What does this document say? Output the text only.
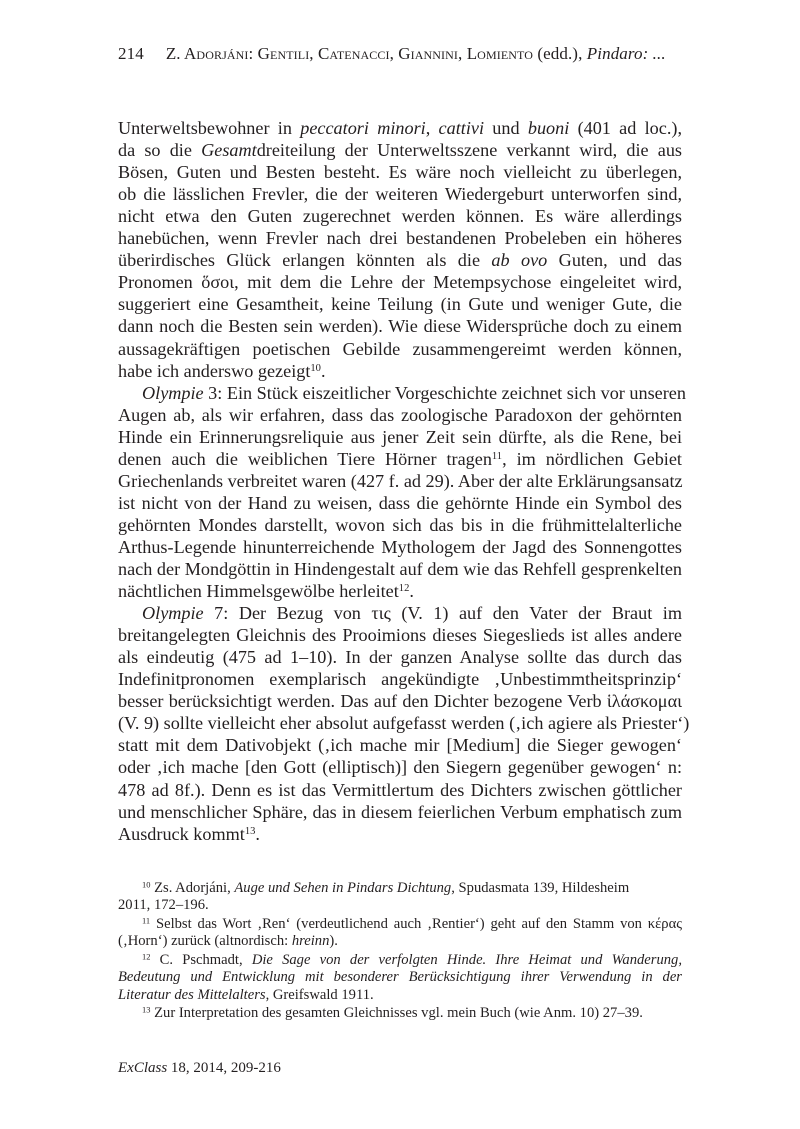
214 Z. Adorjáni: Gentili, Catenacci, Giannini, Lomiento (edd.), Pindaro: ...
Unterweltsbewohner in peccatori minori, cattivi und buoni (401 ad loc.),
da so die Gesamtdreiteilung der Unterweltsszene verkannt wird, die aus
Bösen, Guten und Besten besteht. Es wäre noch vielleicht zu überlegen,
ob die lässlichen Frevler, die der weiteren Wiedergeburt unterworfen sind,
nicht etwa den Guten zugerechnet werden können. Es wäre allerdings
hanebüchen, wenn Frevler nach drei bestandenen Probeleben ein höheres
überirdisches Glück erlangen könnten als die ab ovo Guten, und das
Pronomen ὅσοι, mit dem die Lehre der Metempsychose eingeleitet wird,
suggeriert eine Gesamtheit, keine Teilung (in Gute und weniger Gute, die
dann noch die Besten sein werden). Wie diese Widersprüche doch zu einem
aussagekräftigen poetischen Gebilde zusammengereimt werden können,
habe ich anderswo gezeigt$^{10}$.
Olympie 3: Ein Stück eiszeitlicher Vorgeschichte zeichnet sich vor unseren
Augen ab, als wir erfahren, dass das zoologische Paradoxon der gehörnten
Hinde ein Erinnerungsreliquie aus jener Zeit sein dürfte, als die Rene, bei
denen auch die weiblichen Tiere Hörner tragen$^{11}$, im nördlichen Gebiet
Griechenlands verbreitet waren (427 f. ad 29). Aber der alte Erklärungsansatz
ist nicht von der Hand zu weisen, dass die gehörnte Hinde ein Symbol des
gehörnten Mondes darstellt, wovon sich das bis in die frühmittelalterliche
Arthus-Legende hinunterreichende Mythologem der Jagd des Sonnengottes
nach der Mondgöttin in Hindengestalt auf dem wie das Rehfell gesprenkelten
nächtlichen Himmelsgewölbe herleitet$^{12}$.
Olympie 7: Der Bezug von τις (V. 1) auf den Vater der Braut im
breitangelegten Gleichnis des Prooimions dieses Siegeslieds ist alles andere
als eindeutig (475 ad 1–10). In der ganzen Analyse sollte das durch das
Indefinitpronomen exemplarisch angekündigte ‚Unbestimmtheitsprinzip‘
besser berücksichtigt werden. Das auf den Dichter bezogene Verb ἱλάσκομαι
(V. 9) sollte vielleicht eher absolut aufgefasst werden (‚ich agiere als Priester‘)
statt mit dem Dativobjekt (‚ich mache mir [Medium] die Sieger gewogen‘
oder ‚ich mache [den Gott (elliptisch)] den Siegern gegenüber gewogen‘ n:
478 ad 8f.). Denn es ist das Vermittlertum des Dichters zwischen göttlicher
und menschlicher Sphäre, das in diesem feierlichen Verbum emphatisch zum
Ausdruck kommt$^{13}$.
$^{10}$ Zs. Adorjáni, Auge und Sehen in Pindars Dichtung, Spudasmata 139, Hildesheim
2011, 172–196.
$^{11}$ Selbst das Wort ‚Ren‘ (verdeutlichend auch ‚Rentier‘) geht auf den Stamm von κέρας
(‚Horn‘) zurück (altnordisch: hreinn).
$^{12}$ C. Pschmadt, Die Sage von der verfolgten Hinde. Ihre Heimat und Wanderung,
Bedeutung und Entwicklung mit besonderer Berücksichtigung ihrer Verwendung in der
Literatur des Mittelalters, Greifswald 1911.
$^{13}$ Zur Interpretation des gesamten Gleichnisses vgl. mein Buch (wie Anm. 10) 27–39.
ExClass 18, 2014, 209-216
